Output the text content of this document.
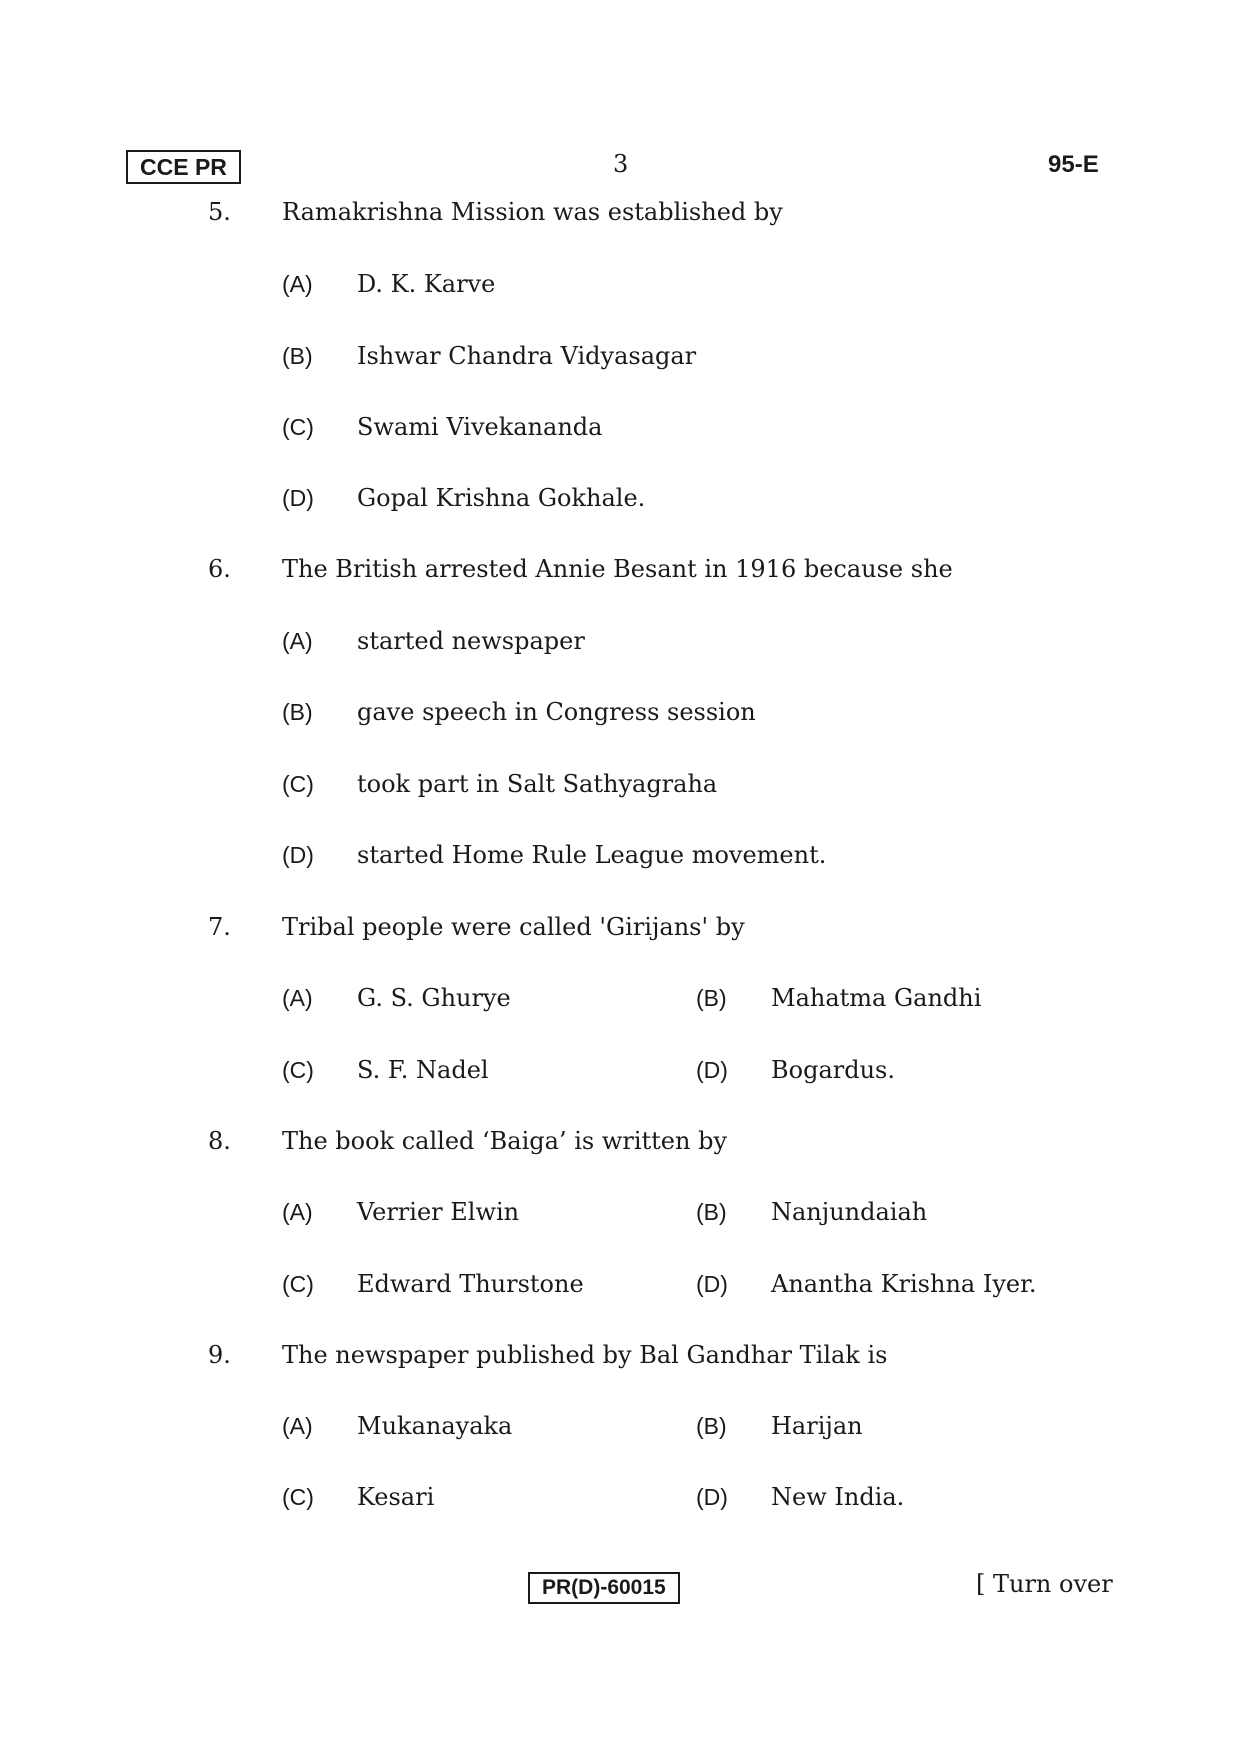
CCE PR	3	95-E
5. Ramakrishna Mission was established by
(A) D. K. Karve
(B) Ishwar Chandra Vidyasagar
(C) Swami Vivekananda
(D) Gopal Krishna Gokhale.
6. The British arrested Annie Besant in 1916 because she
(A) started newspaper
(B) gave speech in Congress session
(C) took part in Salt Sathyagraha
(D) started Home Rule League movement.
7. Tribal people were called 'Girijans' by
(A) G. S. Ghurye	(B) Mahatma Gandhi
(C) S. F. Nadel	(D) Bogardus.
8. The book called ‘Baiga’ is written by
(A) Verrier Elwin	(B) Nanjundaiah
(C) Edward Thurstone	(D) Anantha Krishna Iyer.
9. The newspaper published by Bal Gandhar Tilak is
(A) Mukanayaka	(B) Harijan
(C) Kesari	(D) New India.
PR(D)-60015	[ Turn over
